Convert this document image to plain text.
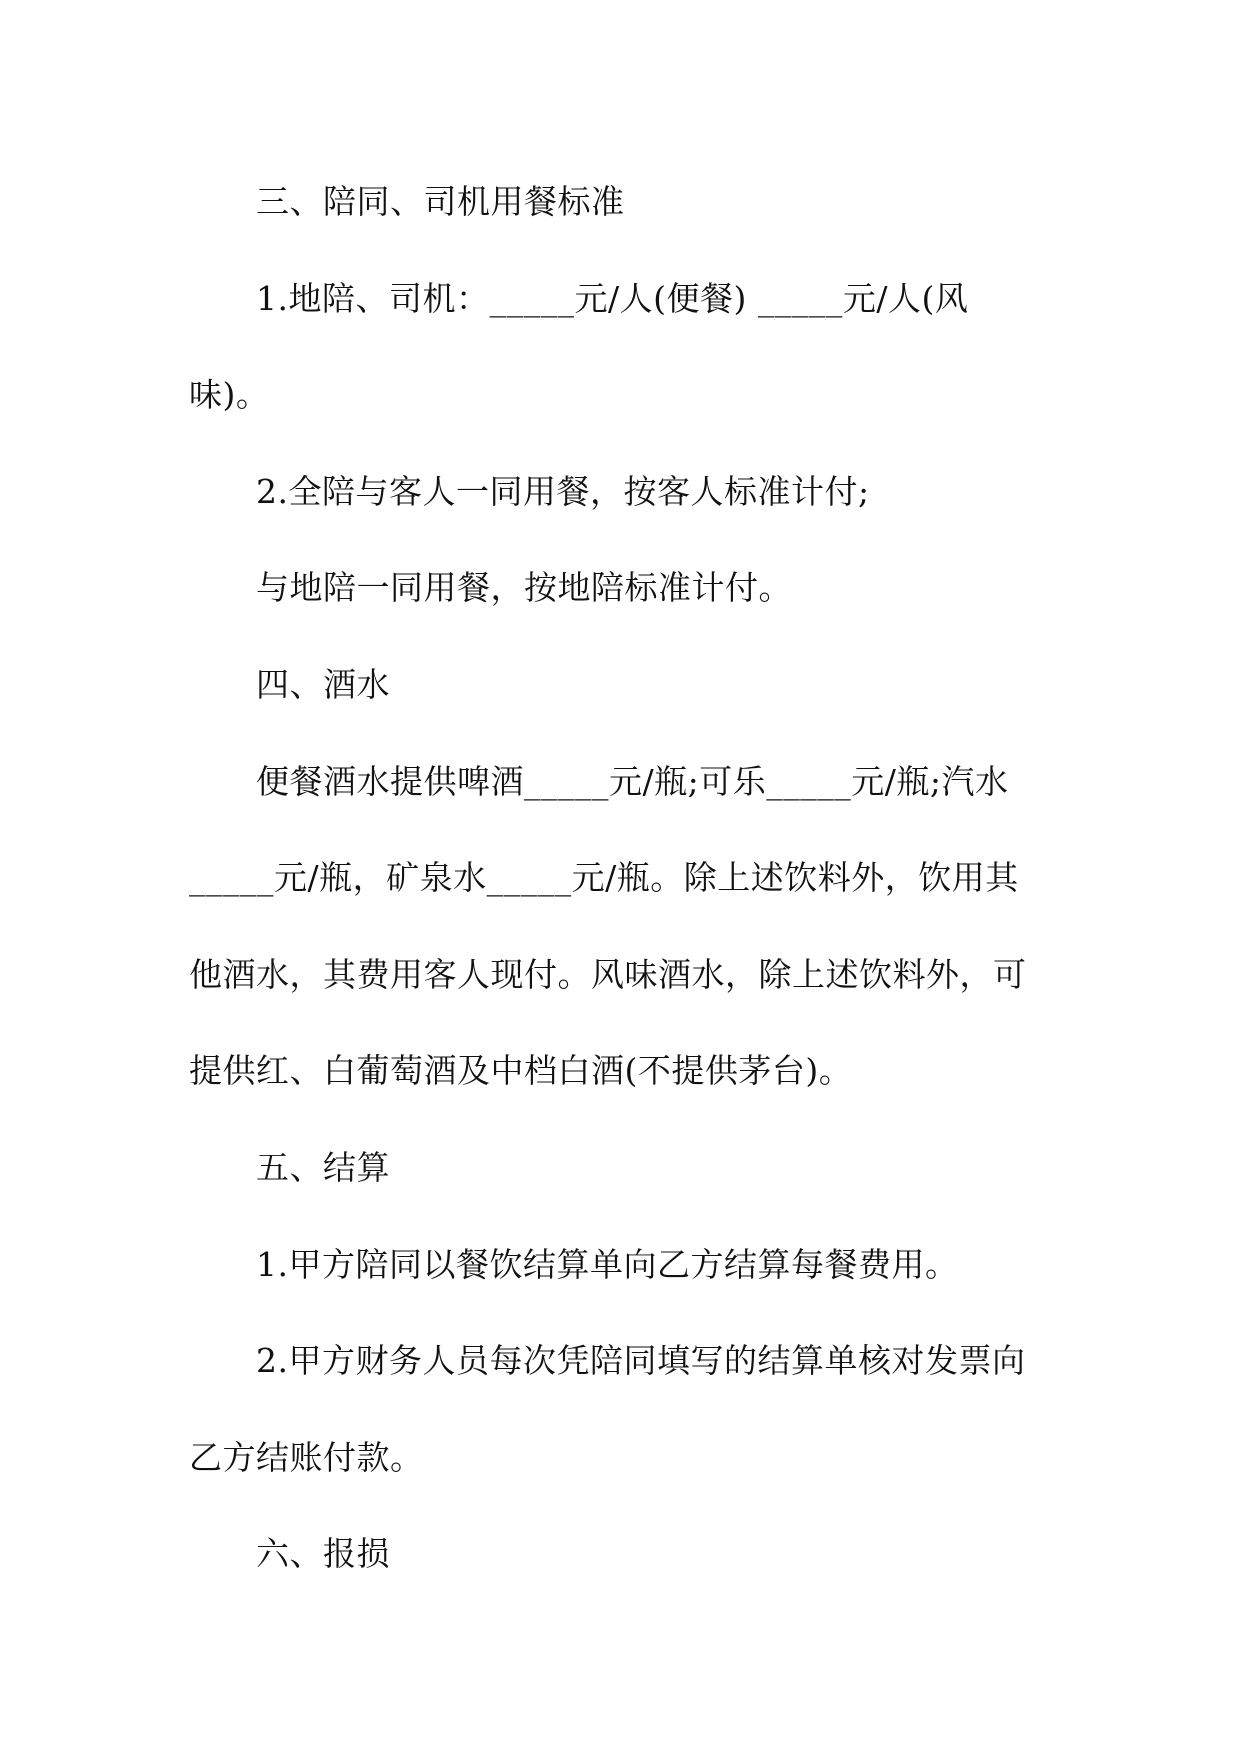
三、陪同、司机用餐标准

1.地陪、司机：_____元/人(便餐) _____元/人(风

味)。

2.全陪与客人一同用餐，按客人标准计付;

与地陪一同用餐，按地陪标准计付。

四、酒水

便餐酒水提供啤酒_____元/瓶;可乐_____元/瓶;汽水

_____元/瓶，矿泉水_____元/瓶。除上述饮料外，饮用其

他酒水，其费用客人现付。风味酒水，除上述饮料外，可

提供红、白葡萄酒及中档白酒(不提供茅台)。

五、结算

1.甲方陪同以餐饮结算单向乙方结算每餐费用。

2.甲方财务人员每次凭陪同填写的结算单核对发票向

乙方结账付款。

六、报损
